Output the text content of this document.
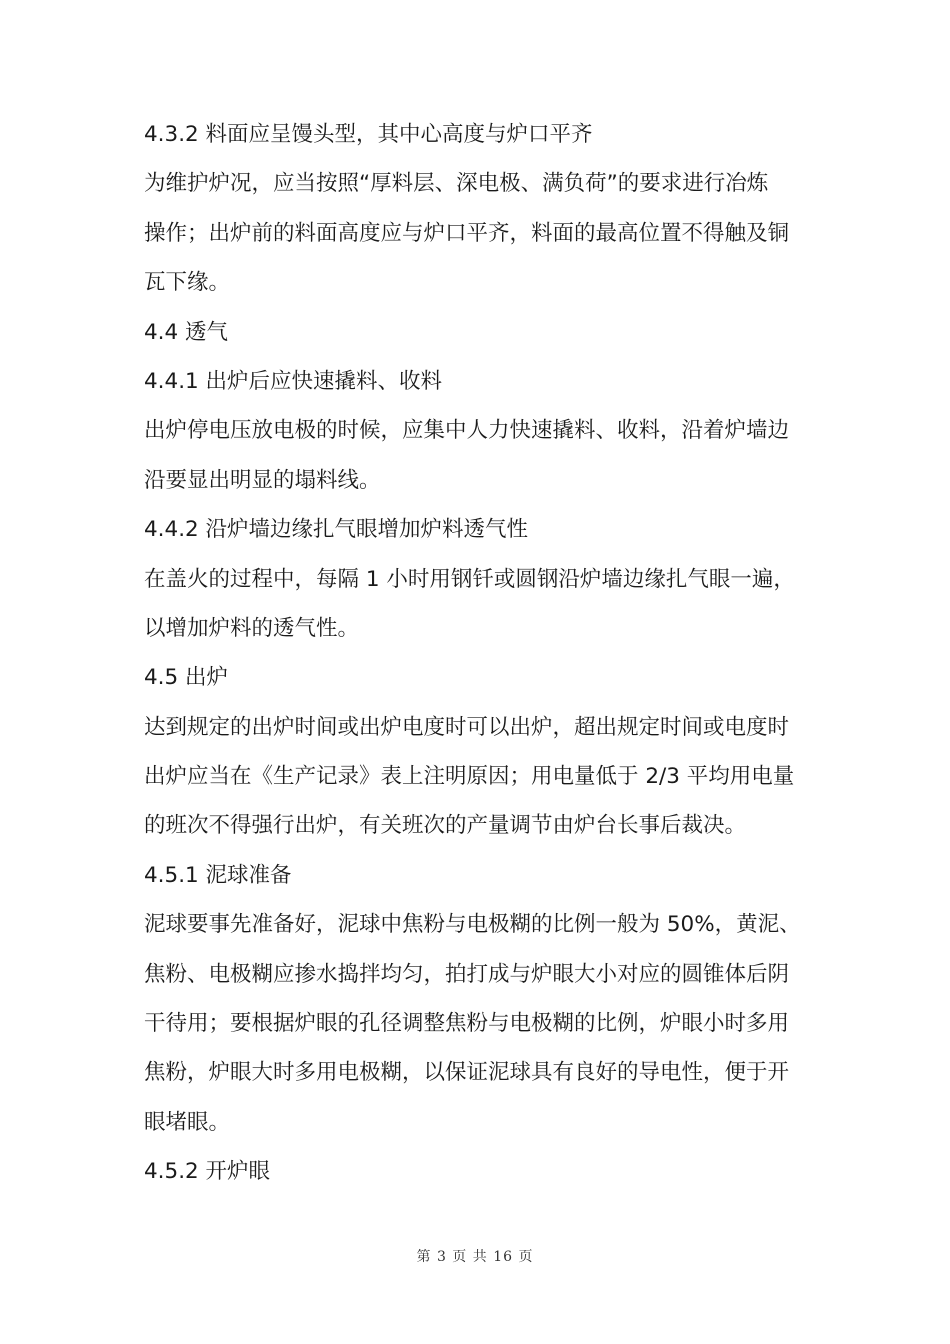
4.3.2 料面应呈馒头型，其中心高度与炉口平齐
为维护炉况，应当按照“厚料层、深电极、满负荷”的要求进行冶炼
操作；出炉前的料面高度应与炉口平齐，料面的最高位置不得触及铜
瓦下缘。
4.4 透气
4.4.1 出炉后应快速撬料、收料
出炉停电压放电极的时候，应集中人力快速撬料、收料，沿着炉墙边
沿要显出明显的塌料线。
4.4.2 沿炉墙边缘扎气眼增加炉料透气性
在盖火的过程中，每隔 1 小时用钢钎或圆钢沿炉墙边缘扎气眼一遍，
以增加炉料的透气性。
4.5 出炉
达到规定的出炉时间或出炉电度时可以出炉，超出规定时间或电度时
出炉应当在《生产记录》表上注明原因；用电量低于 2/3 平均用电量
的班次不得强行出炉，有关班次的产量调节由炉台长事后裁决。
4.5.1 泥球准备
泥球要事先准备好，泥球中焦粉与电极糊的比例一般为 50%，黄泥、
焦粉、电极糊应掺水捣拌均匀，拍打成与炉眼大小对应的圆锥体后阴
干待用；要根据炉眼的孔径调整焦粉与电极糊的比例，炉眼小时多用
焦粉，炉眼大时多用电极糊，以保证泥球具有良好的导电性，便于开
眼堵眼。
4.5.2 开炉眼
第 3 页 共 16 页
